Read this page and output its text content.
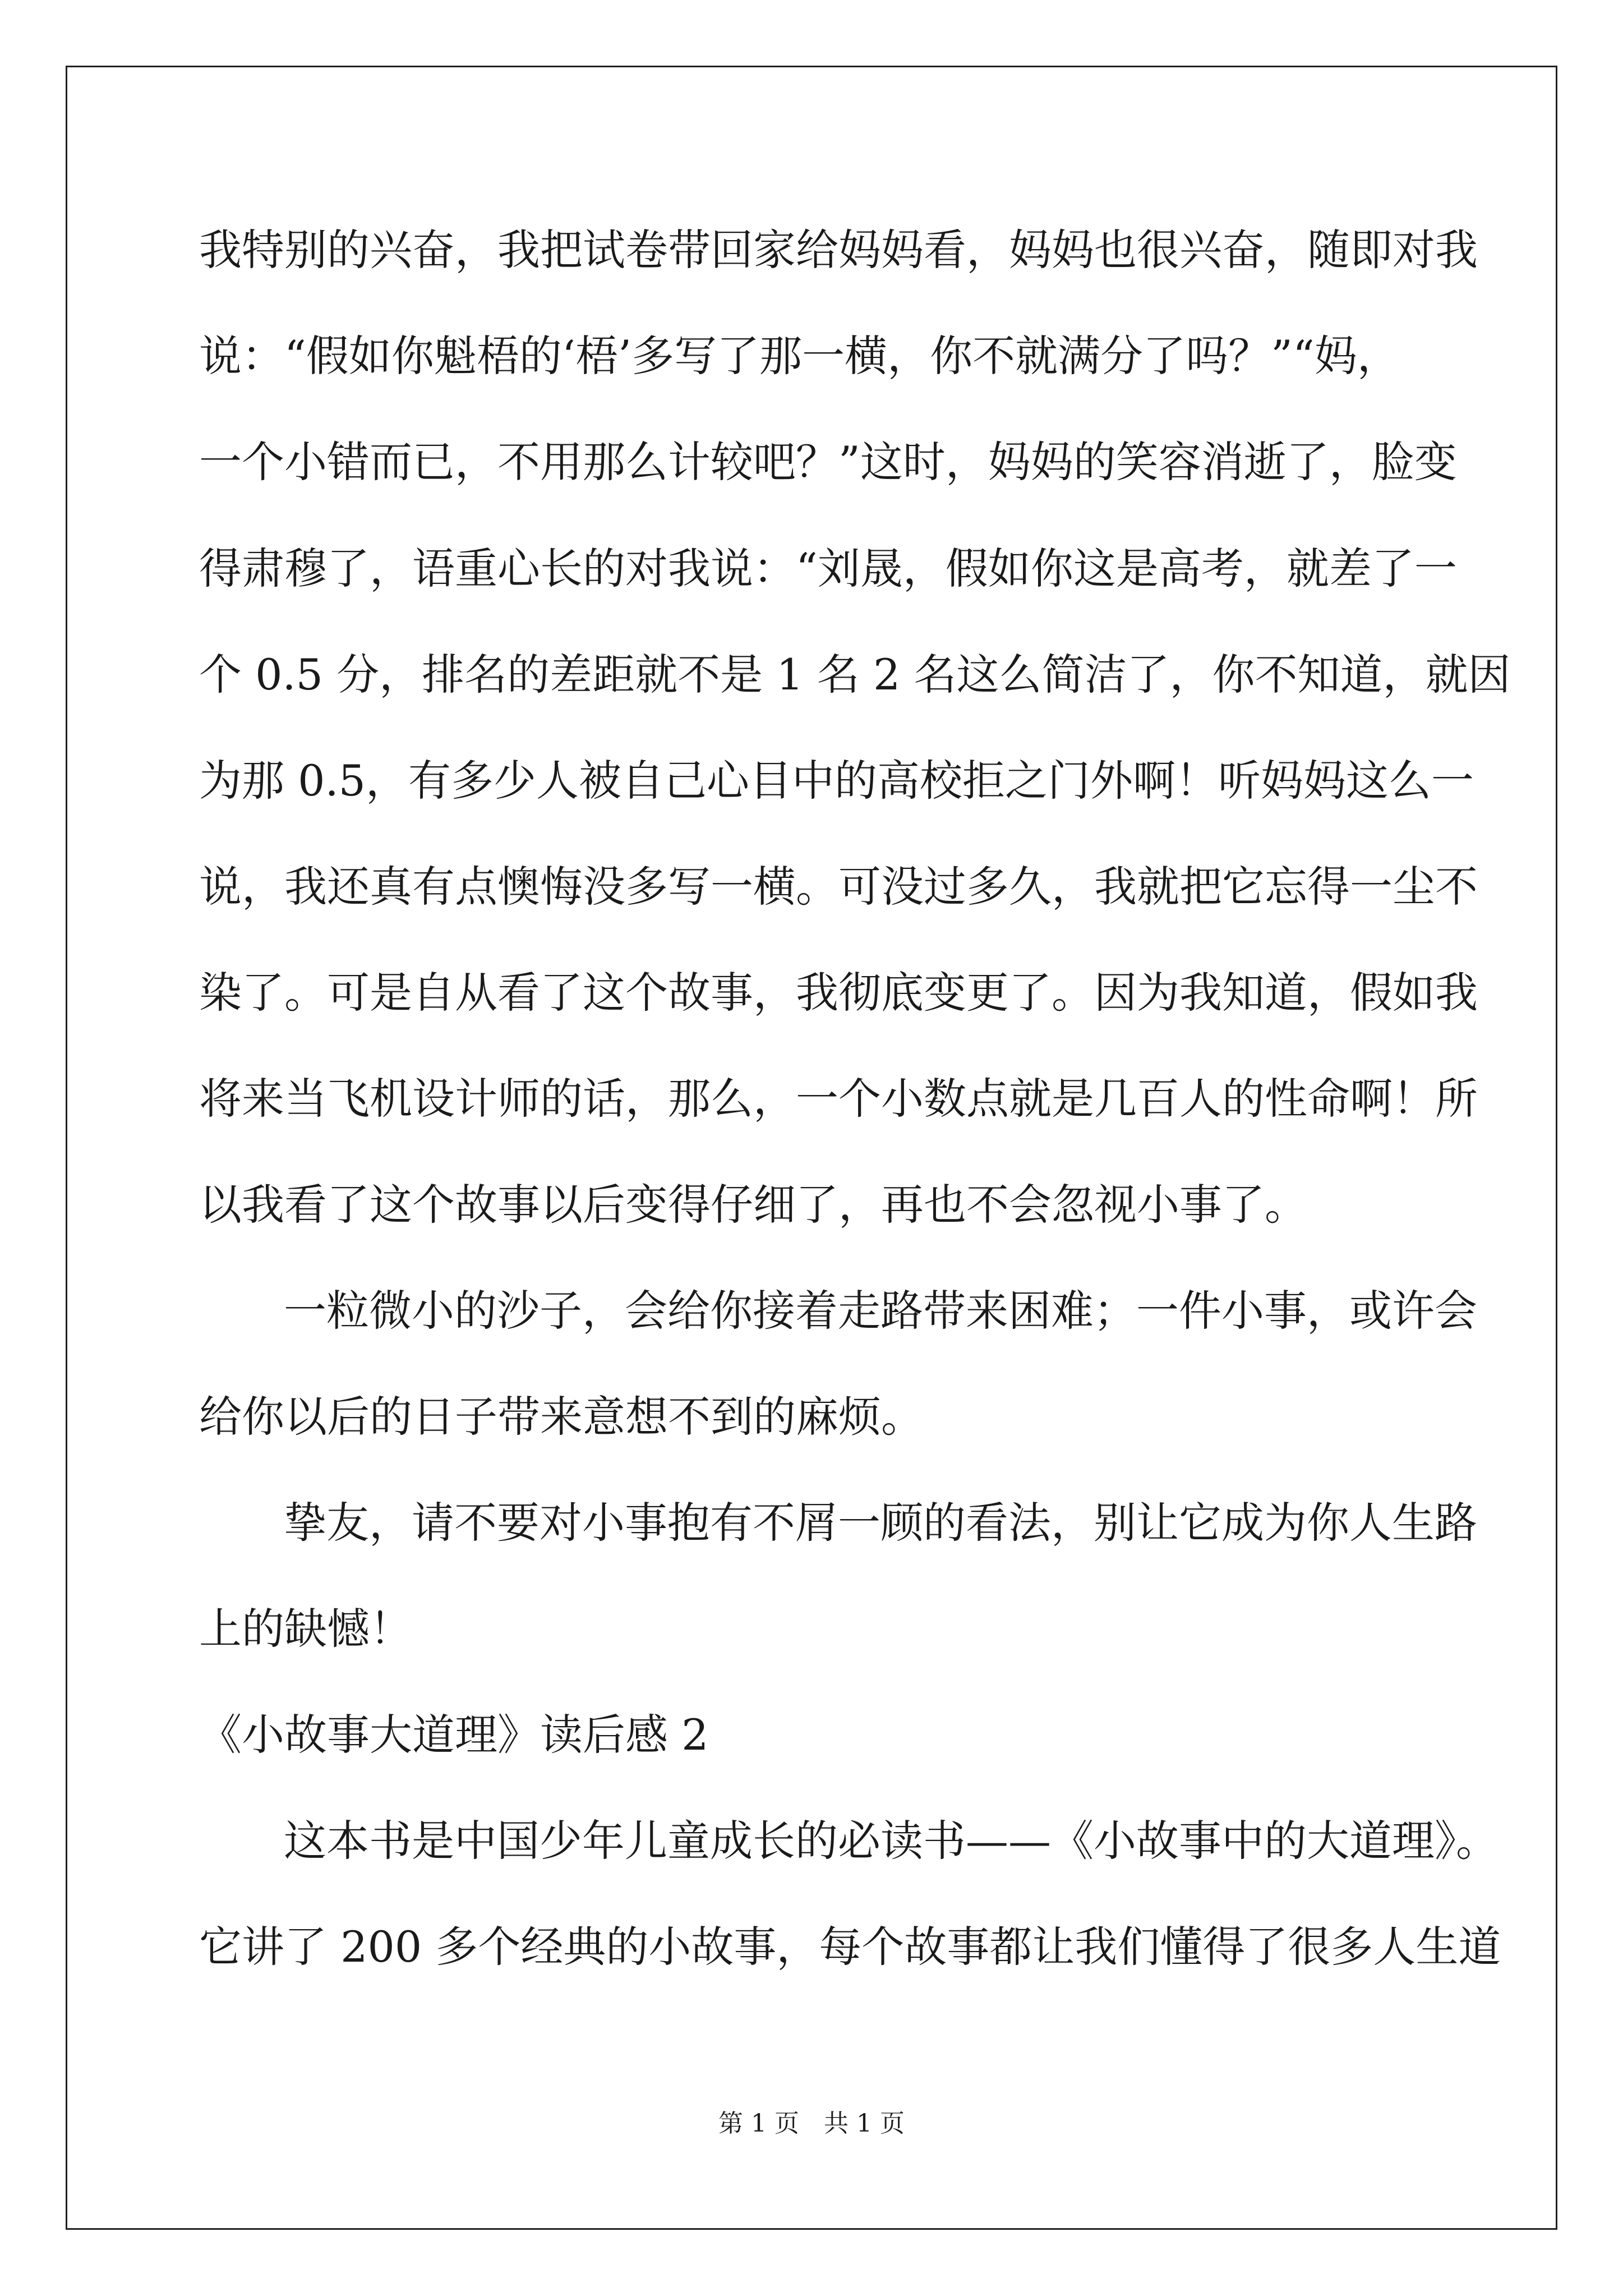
我特别的兴奋，我把试卷带回家给妈妈看，妈妈也很兴奋，随即对我
说：“假如你魁梧的‘梧’多写了那一横，你不就满分了吗？”“妈，
一个小错而已，不用那么计较吧？”这时，妈妈的笑容消逝了，脸变
得肃穆了，语重心长的对我说：“刘晟，假如你这是高考，就差了一
个 0.5 分，排名的差距就不是 1 名 2 名这么简洁了，你不知道，就因
为那 0.5，有多少人被自己心目中的高校拒之门外啊！听妈妈这么一
说，我还真有点懊悔没多写一横。可没过多久，我就把它忘得一尘不
染了。可是自从看了这个故事，我彻底变更了。因为我知道，假如我
将来当飞机设计师的话，那么，一个小数点就是几百人的性命啊！所
以我看了这个故事以后变得仔细了，再也不会忽视小事了。
一粒微小的沙子，会给你接着走路带来困难；一件小事，或许会
给你以后的日子带来意想不到的麻烦。
挚友，请不要对小事抱有不屑一顾的看法，别让它成为你人生路
上的缺憾！
《小故事大道理》读后感 2
这本书是中国少年儿童成长的必读书——《小故事中的大道理》。
它讲了 200 多个经典的小故事，每个故事都让我们懂得了很多人生道
第 1 页　共 1 页
